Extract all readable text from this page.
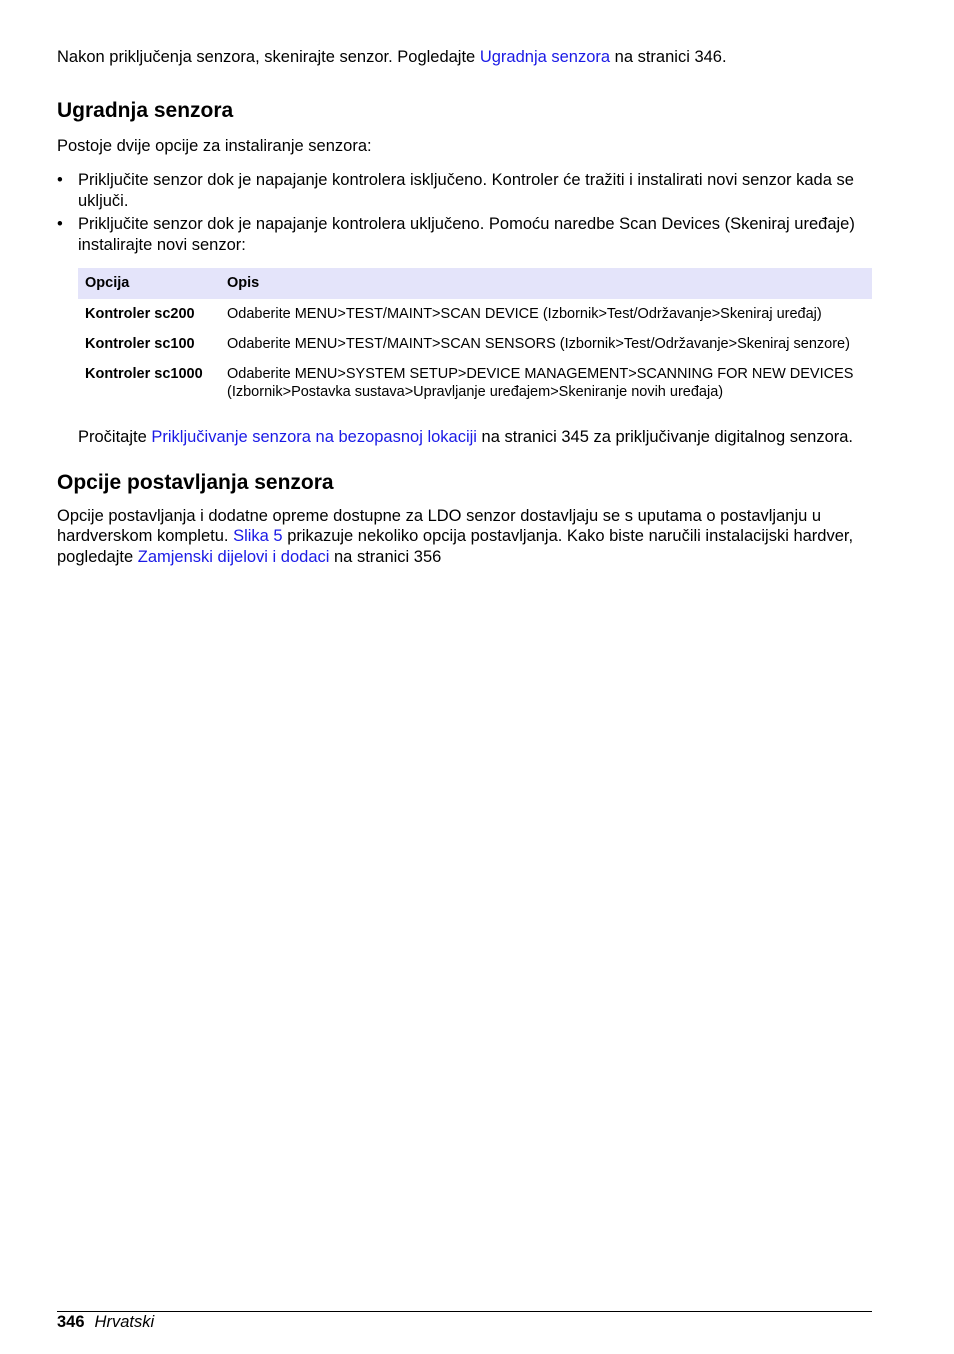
Nakon priključenja senzora, skenirajte senzor. Pogledajte Ugradnja senzora na stranici 346.

Ugradnja senzora

Postoje dvije opcije za instaliranje senzora:

• Priključite senzor dok je napajanje kontrolera isključeno. Kontroler će tražiti i instalirati novi senzor kada se uključi.
• Priključite senzor dok je napajanje kontrolera uključeno. Pomoću naredbe Scan Devices (Skeniraj uređaje) instalirajte novi senzor:
Opcija	Opis
Kontroler sc200	Odaberite MENU>TEST/MAINT>SCAN DEVICE (Izbornik>Test/Održavanje>Skeniraj uređaj)
Kontroler sc100	Odaberite MENU>TEST/MAINT>SCAN SENSORS (Izbornik>Test/Održavanje>Skeniraj senzore)
Kontroler sc1000	Odaberite MENU>SYSTEM SETUP>DEVICE MANAGEMENT>SCANNING FOR NEW DEVICES (Izbornik>Postavka sustava>Upravljanje uređajem>Skeniranje novih uređaja)

Pročitajte Priključivanje senzora na bezopasnoj lokaciji na stranici 345 za priključivanje digitalnog senzora.

Opcije postavljanja senzora

Opcije postavljanja i dodatne opreme dostupne za LDO senzor dostavljaju se s uputama o postavljanju u hardverskom kompletu. Slika 5 prikazuje nekoliko opcija postavljanja. Kako biste naručili instalacijski hardver, pogledajte Zamjenski dijelovi i dodaci na stranici 356

346 Hrvatski
